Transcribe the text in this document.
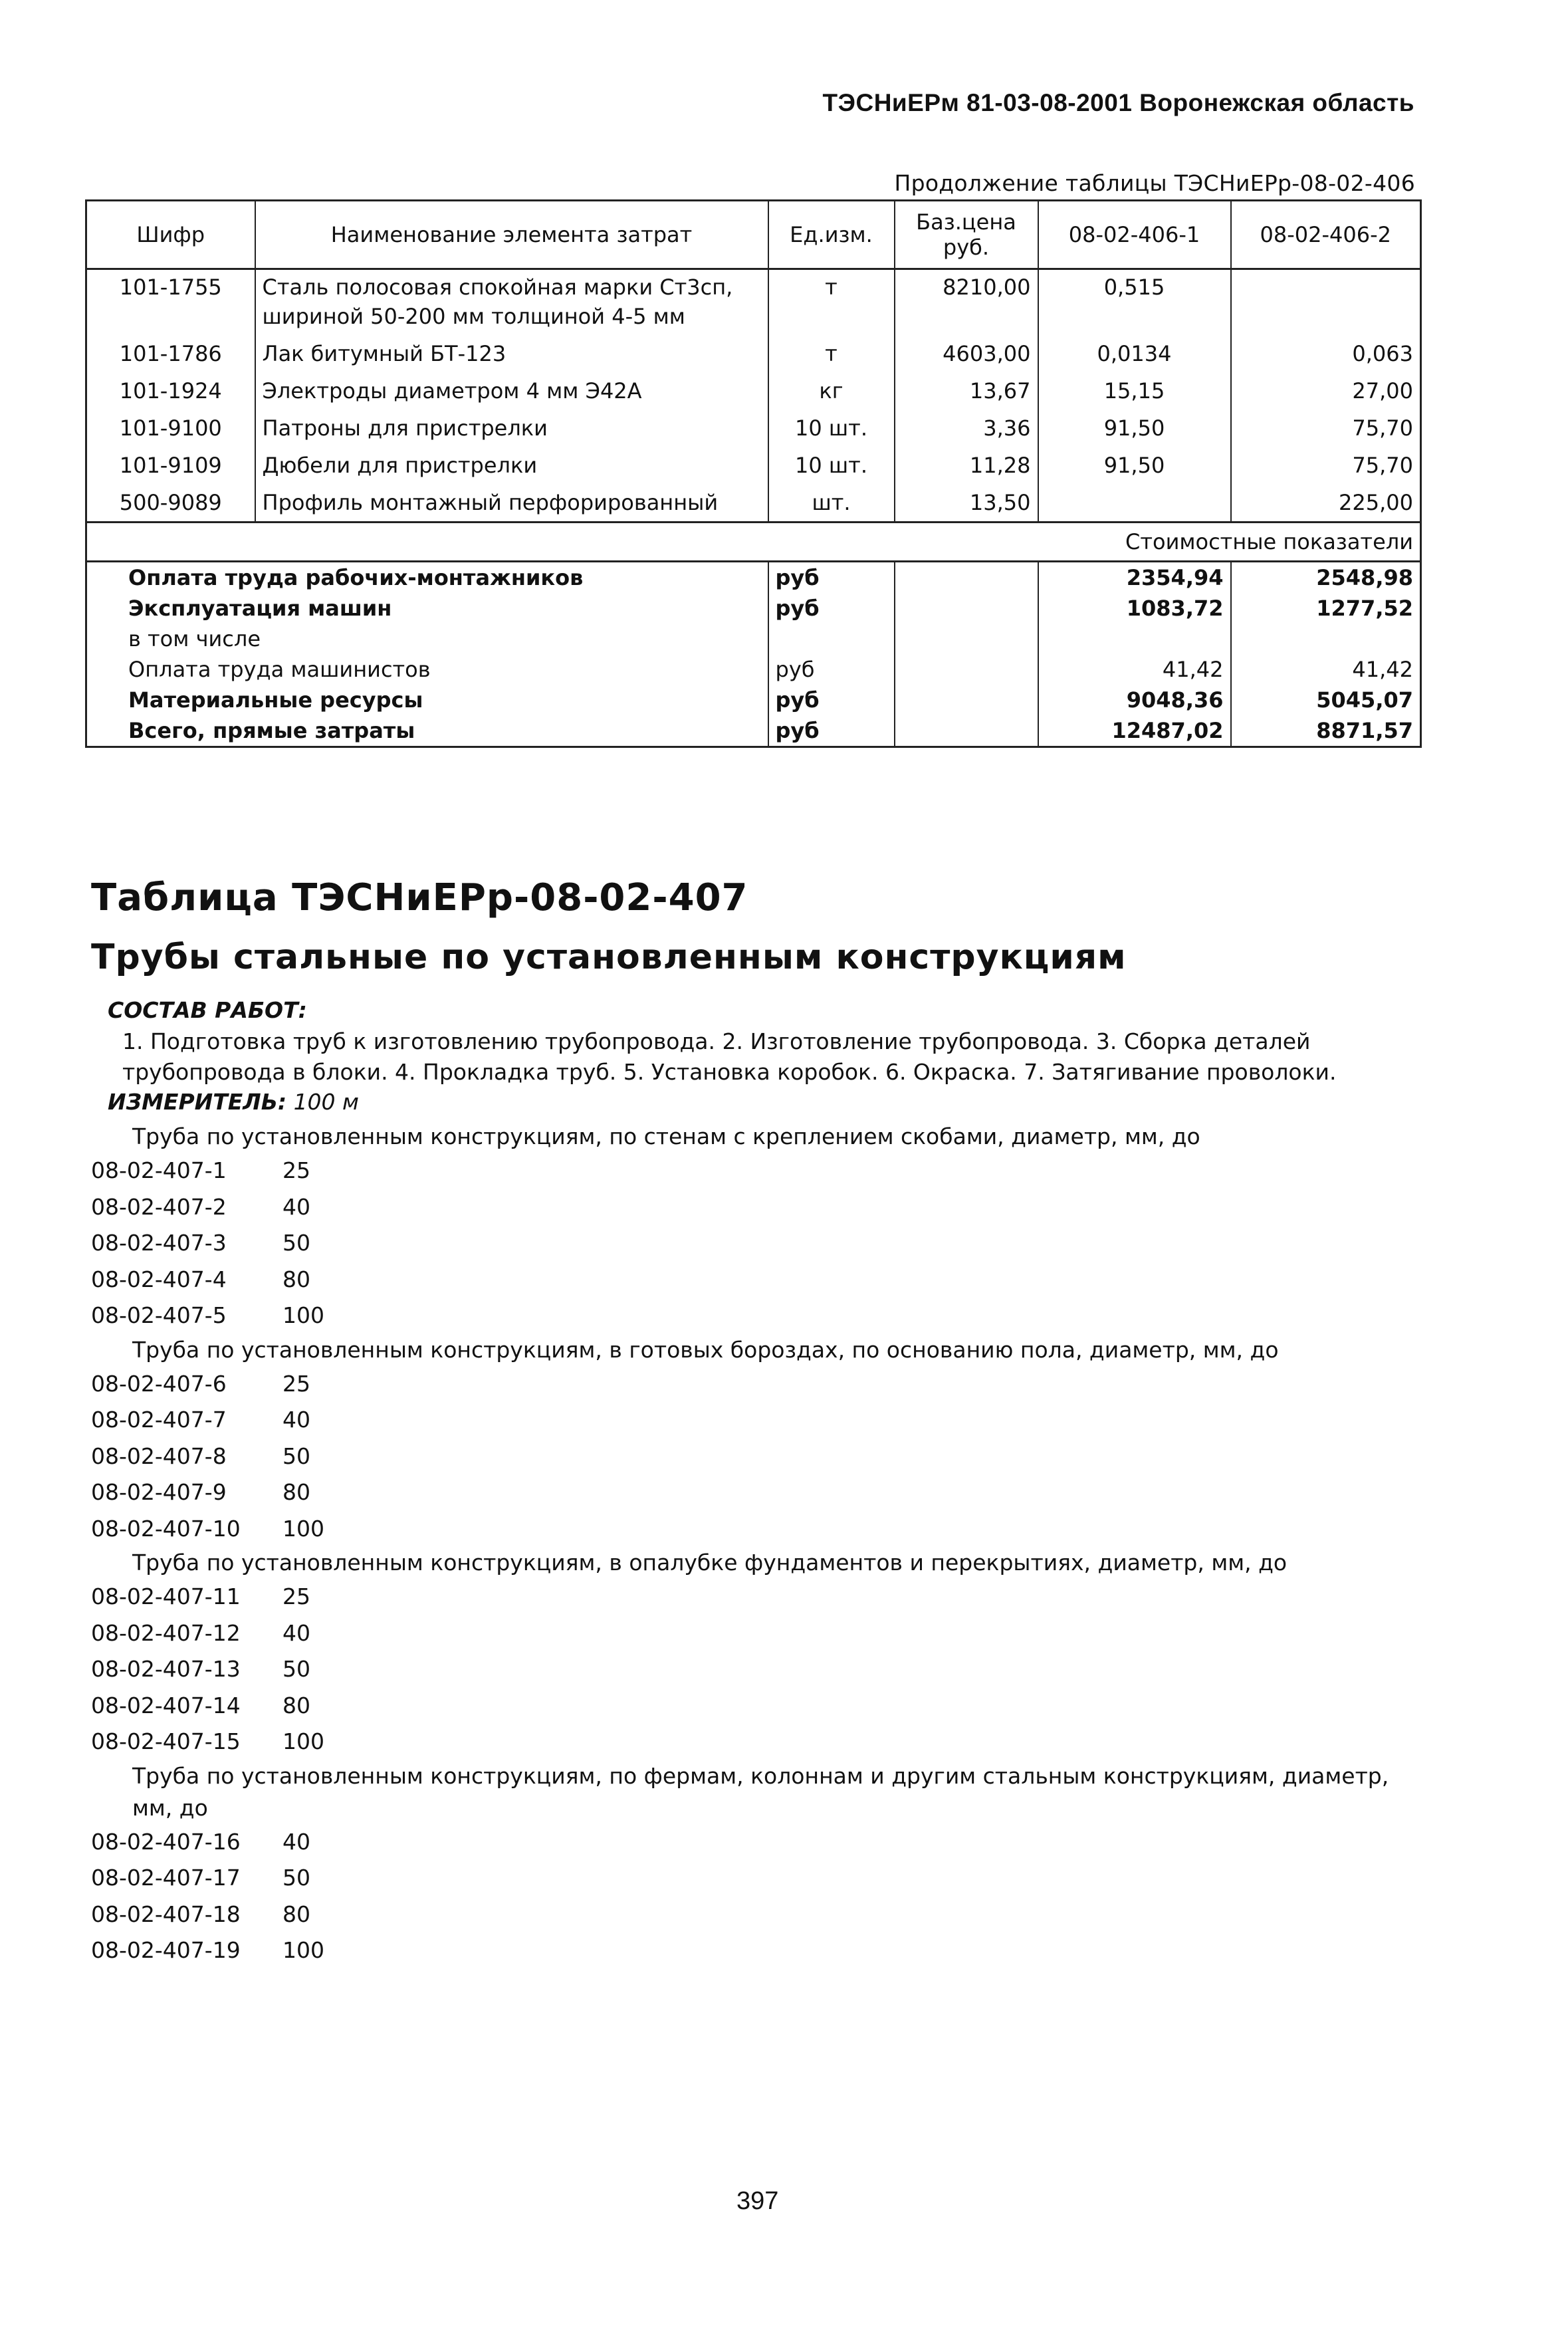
ТЭСНиЕРм 81-03-08-2001 Воронежская область
Продолжение таблицы ТЭСНиЕРр-08-02-406
Шифр	Наименование элемента затрат	Ед.изм.	Баз.цена руб.	08-02-406-1	08-02-406-2
101-1755	Сталь полосовая спокойная марки Ст3сп, шириной 50-200 мм толщиной 4-5 мм	т	8210,00	0,515	
101-1786	Лак битумный БТ-123	т	4603,00	0,0134	0,063
101-1924	Электроды диаметром 4 мм Э42А	кг	13,67	15,15	27,00
101-9100	Патроны для пристрелки	10 шт.	3,36	91,50	75,70
101-9109	Дюбели для пристрелки	10 шт.	11,28	91,50	75,70
500-9089	Профиль монтажный перфорированный	шт.	13,50		225,00
				Стоимостные показатели	
Оплата труда рабочих-монтажников		руб		2354,94	2548,98
Эксплуатация машин		руб		1083,72	1277,52
в том числе					
Оплата труда машинистов		руб		41,42	41,42
Материальные ресурсы		руб		9048,36	5045,07
Всего, прямые затраты		руб		12487,02	8871,57
Таблица ТЭСНиЕРр-08-02-407
Трубы стальные по установленным конструкциям
СОСТАВ РАБОТ:
1. Подготовка труб к изготовлению трубопровода. 2. Изготовление трубопровода. 3. Сборка деталей трубопровода в блоки. 4. Прокладка труб. 5. Установка коробок. 6. Окраска. 7. Затягивание проволоки.
ИЗМЕРИТЕЛЬ: 100 м
Труба по установленным конструкциям, по стенам с креплением скобами, диаметр, мм, до
08-02-407-1	25
08-02-407-2	40
08-02-407-3	50
08-02-407-4	80
08-02-407-5	100
Труба по установленным конструкциям, в готовых бороздах, по основанию пола, диаметр, мм, до
08-02-407-6	25
08-02-407-7	40
08-02-407-8	50
08-02-407-9	80
08-02-407-10	100
Труба по установленным конструкциям, в опалубке фундаментов и перекрытиях, диаметр, мм, до
08-02-407-11	25
08-02-407-12	40
08-02-407-13	50
08-02-407-14	80
08-02-407-15	100
Труба по установленным конструкциям, по фермам, колоннам и другим стальным конструкциям, диаметр, мм, до
08-02-407-16	40
08-02-407-17	50
08-02-407-18	80
08-02-407-19	100
397
